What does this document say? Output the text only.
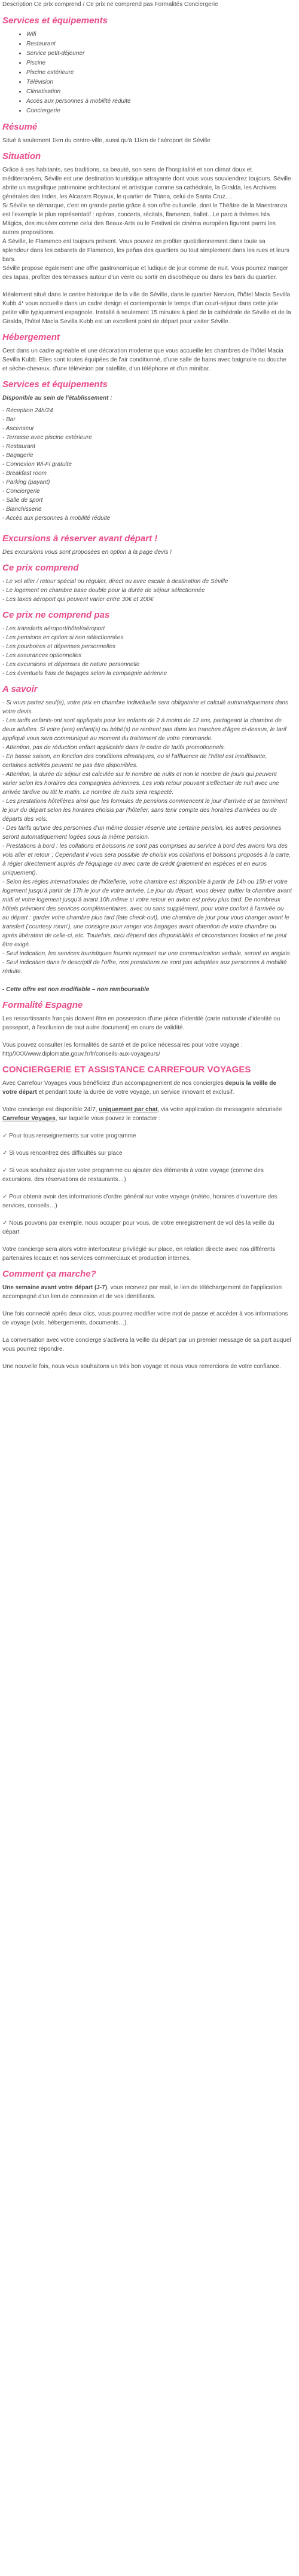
Description Ce prix comprend / Ce prix ne comprend pas Formalités Conciergerie
Services et équipements
• Wifi
• Restaurant
• Service petit-déjeuner
• Piscine
• Piscine extérieure
• Télévision
• Climatisation
• Accès aux personnes à mobilité réduite
• Conciergerie
Résumé

Situé à seulement 1km du centre-ville, aussi qu'à 11km de l'aéroport de Séville

Situation

Grâce à ses habitants, ses traditions, sa beauté, son sens de l'hospitalité et son climat doux et méditerranéen, Séville est une destination touristique attrayante dont vous vous souviendrez toujours. Séville abrite un magnifique patrimoine architectural et artistique comme sa cathédrale, la Giralda, les Archives générales des Indes, les Alcazars Royaux, le quartier de Triana, celui de Santa Cruz....

Si Séville se démarque, c'est en grande partie grâce à son offre culturelle, dont le Théâtre de la Maestranza est l'exemple le plus représentatif : opéras, concerts, récitals, flamenco, ballet...Le parc à thèmes Isla Mágica, des musées comme celui des Beaux-Arts ou le Festival de cinéma européen figurent parmi les autres propositions.

À Séville, le Flamenco est toujours présent. Vous pouvez en profiter quotidiennement dans toute sa splendeur dans les cabarets de Flamenco, les peñas des quartiers ou tout simplement dans les rues et leurs bars.

Séville propose également une offre gastronomique et ludique de jour comme de nuit. Vous pourrez manger des tapas, profiter des terrasses autour d'un verre ou sortir en discothèque ou dans les bars du quartier.

Idéalement situé dans le centre historique de la ville de Séville, dans le quartier Nervion, l'hôtel Macía Sevilla Kubb 4* vous accueille dans un cadre design et contemporain le temps d'un court-séjour dans cette jolie petite ville typiquement espagnole. Installé à seulement 15 minutes à pied de la cathédrale de Séville et de la Giralda, l'hôtel Macía Sevilla Kubb est un excellent point de départ pour visiter Séville.

Hébergement

Cest dans un cadre agréable et une décoration moderne que vous accueille les chambres de l'hôtel Macia Sevilla Kubb. Elles sont toutes équipées de l'air conditionné, d'une salle de bains avec baignoire ou douche et sèche-cheveux, d'une télévision par satellite, d'un téléphone et d'un minibar.

Services et équipements

Disponible au sein de l'établissement :

- Réception 24h/24

- Bar

- Ascenseur

- Terrasse avec piscine extérieure

- Restaurant

- Bagagerie

- Connexion Wi-Fi gratuite

- Breakfast room

- Parking (payant)

- Conciergerie

- Salle de sport

- Blanchisserie

- Accès aux personnes à mobilité réduite

Excursions à réserver avant départ !

Des excursions vous sont proposées en option à la page devis !

Ce prix comprend

- Le vol aller / retour spécial ou régulier, direct ou avec escale à destination de Séville

- Le logement en chambre base double pour la durée de séjour sélectionnée

- Les taxes aéroport qui peuvent varier entre 30€ et 200€

Ce prix ne comprend pas

- Les transferts aéroport/hôtel/aéroport

- Les pensions en option si non sélectionnées

- Les pourboires et dépenses personnelles

- Les assurances optionnelles

- Les excursions et dépenses de nature personnelle

- Les éventuels frais de bagages selon la compagnie aérienne

A savoir

- Si vous partez seul(e), votre prix en chambre individuelle sera obligatoire et calculé automatiquement dans votre devis.

- Les tarifs enfants-ont sont appliqués pour les enfants de 2 à moins de 12 ans, partageant la chambre de deux adultes. Si votre (vos) enfant(s) ou bébé(s) ne rentrent pas dans les tranches d'âges ci-dessus, le tarif appliqué vous sera communiqué au moment du traitement de votre commande.

- Attention, pas de réduction enfant applicable dans le cadre de tarifs promotionnels.

- En basse saison, en fonction des conditions climatiques, ou si l'affluence de l'hôtel est insuffisante, certaines activités peuvent ne pas être disponibles.

- Attention, la durée du séjour est calculée sur le nombre de nuits et non le nombre de jours qui peuvent varier selon les horaires des compagnies aériennes. Les vols retour pouvant s'effectuer de nuit avec une arrivée tardive ou tôt le matin. Le nombre de nuits sera respecté.

- Les prestations hôtelières ainsi que les formules de pensions commencent le jour d'arrivée et se terminent le jour du départ selon les horaires choisis par l'hôtelier, sans tenir compte des horaires d'arrivées ou de départs des vols.

- Des tarifs qu'une des personnes d'un même dossier réserve une certaine pension, les autres personnes seront automatiquement logées sous la même pension.

- Prestations à bord : les collations et boissons ne sont pas comprises au service à bord des avions lors des vols aller et retour ; Cependant il vous sera possible de choisir vos collations et boissons proposés à la carte, à régler directement auprès de l'équipage ou avec carte de crédit (paiement en espèces et en euros uniquement).

- Selon les règles internationales de l'hôtellerie, votre chambre est disponible à partir de 14h ou 15h et votre logement jusqu'à partir de 17h le jour de votre arrivée. Le jour du départ, vous devez quitter la chambre avant midi et votre logement jusqu'à avant 10h même si votre retour en avion est prévu plus tard. De nombreux hôtels prévoient des services complémentaires, avec ou sans supplément, pour votre confort à l'arrivée ou au départ : garder votre chambre plus tard (late check-out), une chambre de jour pour vous changer avant le transfert ('courtesy room'), une consigne pour ranger vos bagages avant obtention de votre chambre ou après libération de celle-ci, etc. Toutefois, ceci dépend des disponibilités et circonstances locales et ne peut être exigé.

- Seul indication, les services touristiques fournis reposent sur une communication verbale, seront en anglais

- Seul indication dans le descriptif de l'offre, nos prestations ne sont pas adaptées aux personnes à mobilité réduite.

- Cette offre est non modifiable – non remboursable

Formalité Espagne

Les ressortissants français doivent être en possession d'une pièce d'identité (carte nationale d'identité ou passeport, à l'exclusion de tout autre document) en cours de validité.

Vous pouvez consulter les formalités de santé et de police nécessaires pour votre voyage : http/XXX/www.diplomatie.gouv.fr/fr/conseils-aux-voyageurs/

CONCIERGERIE ET ASSISTANCE CARREFOUR VOYAGES

Avec Carrefour Voyages vous bénéficiez d'un accompagnement de nos conciergies depuis la veille de votre départ et pendant toute la durée de votre voyage, un service innovant et exclusif.

Votre concierge est disponible 24/7, uniquement par chat, via votre application de messagerie sécurisée Carrefour Voyages, sur laquelle vous pouvez le contacter :

✓ Pour tous renseignements sur votre programme

✓ Si vous rencontrez des difficultés sur place

✓ Si vous souhaitez ajuster votre programme ou ajouter des éléments à votre voyage (comme des excursions, des réservations de restaurants…)

✓ Pour obtenir avoir des informations d'ordre général sur votre voyage (météo, horaires d'ouverture des services, conseils…)

✓ Nous pouvons par exemple, nous occuper pour vous, de votre enregistrement de vol dès la veille du départ

Votre concierge sera alors votre interlocuteur privilégié sur place, en relation directe avec nos différents partenaires locaux et nos services commerciaux et production internes.

Comment ça marche?

Une semaine avant votre départ (J-7), vous recevrez par mail, le lien de téléchargement de l'application accompagné d'un lien de connexion et de vos identifiants.

Une fois connecté après deux clics, vous pourrez modifier votre mot de passe et accéder à vos informations de voyage (vols, hébergements, documents…).

La conversation avec votre concierge s'activera la veille du départ par un premier message de sa part auquel vous pourrez répondre.

Une nouvelle fois, nous vous souhaitons un très bon voyage et nous vous remercions de votre confiance.
